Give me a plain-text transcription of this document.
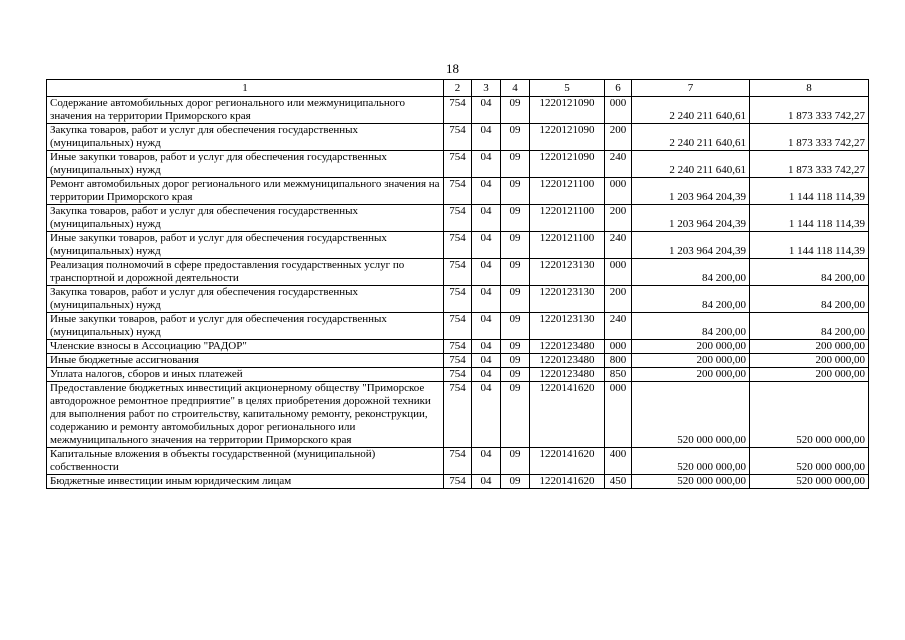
18
1	2	3	4	5	6	7	8
Содержание автомобильных дорог регионального или межмуниципального значения на территории Приморского края	754	04	09	1220121090	000	2 240 211 640,61	1 873 333 742,27
Закупка товаров, работ и услуг для обеспечения государственных (муниципальных) нужд	754	04	09	1220121090	200	2 240 211 640,61	1 873 333 742,27
Иные закупки товаров, работ и услуг для обеспечения государственных (муниципальных) нужд	754	04	09	1220121090	240	2 240 211 640,61	1 873 333 742,27
Ремонт автомобильных дорог регионального или межмуниципального значения на территории Приморского края	754	04	09	1220121100	000	1 203 964 204,39	1 144 118 114,39
Закупка товаров, работ и услуг для обеспечения государственных (муниципальных) нужд	754	04	09	1220121100	200	1 203 964 204,39	1 144 118 114,39
Иные закупки товаров, работ и услуг для обеспечения государственных (муниципальных) нужд	754	04	09	1220121100	240	1 203 964 204,39	1 144 118 114,39
Реализация полномочий в сфере предоставления государственных услуг по транспортной и дорожной деятельности	754	04	09	1220123130	000	84 200,00	84 200,00
Закупка товаров, работ и услуг для обеспечения государственных (муниципальных) нужд	754	04	09	1220123130	200	84 200,00	84 200,00
Иные закупки товаров, работ и услуг для обеспечения государственных (муниципальных) нужд	754	04	09	1220123130	240	84 200,00	84 200,00
Членские взносы в Ассоциацию "РАДОР"	754	04	09	1220123480	000	200 000,00	200 000,00
Иные бюджетные ассигнования	754	04	09	1220123480	800	200 000,00	200 000,00
Уплата налогов, сборов и иных платежей	754	04	09	1220123480	850	200 000,00	200 000,00
Предоставление бюджетных инвестиций акционерному обществу "Приморское автодорожное ремонтное предприятие" в целях приобретения дорожной техники для выполнения работ по строительству, капитальному ремонту, реконструкции, содержанию и ремонту автомобильных дорог регионального или межмуниципального значения на территории Приморского края	754	04	09	1220141620	000	520 000 000,00	520 000 000,00
Капитальные вложения в объекты государственной (муниципальной) собственности	754	04	09	1220141620	400	520 000 000,00	520 000 000,00
Бюджетные инвестиции иным юридическим лицам	754	04	09	1220141620	450	520 000 000,00	520 000 000,00
